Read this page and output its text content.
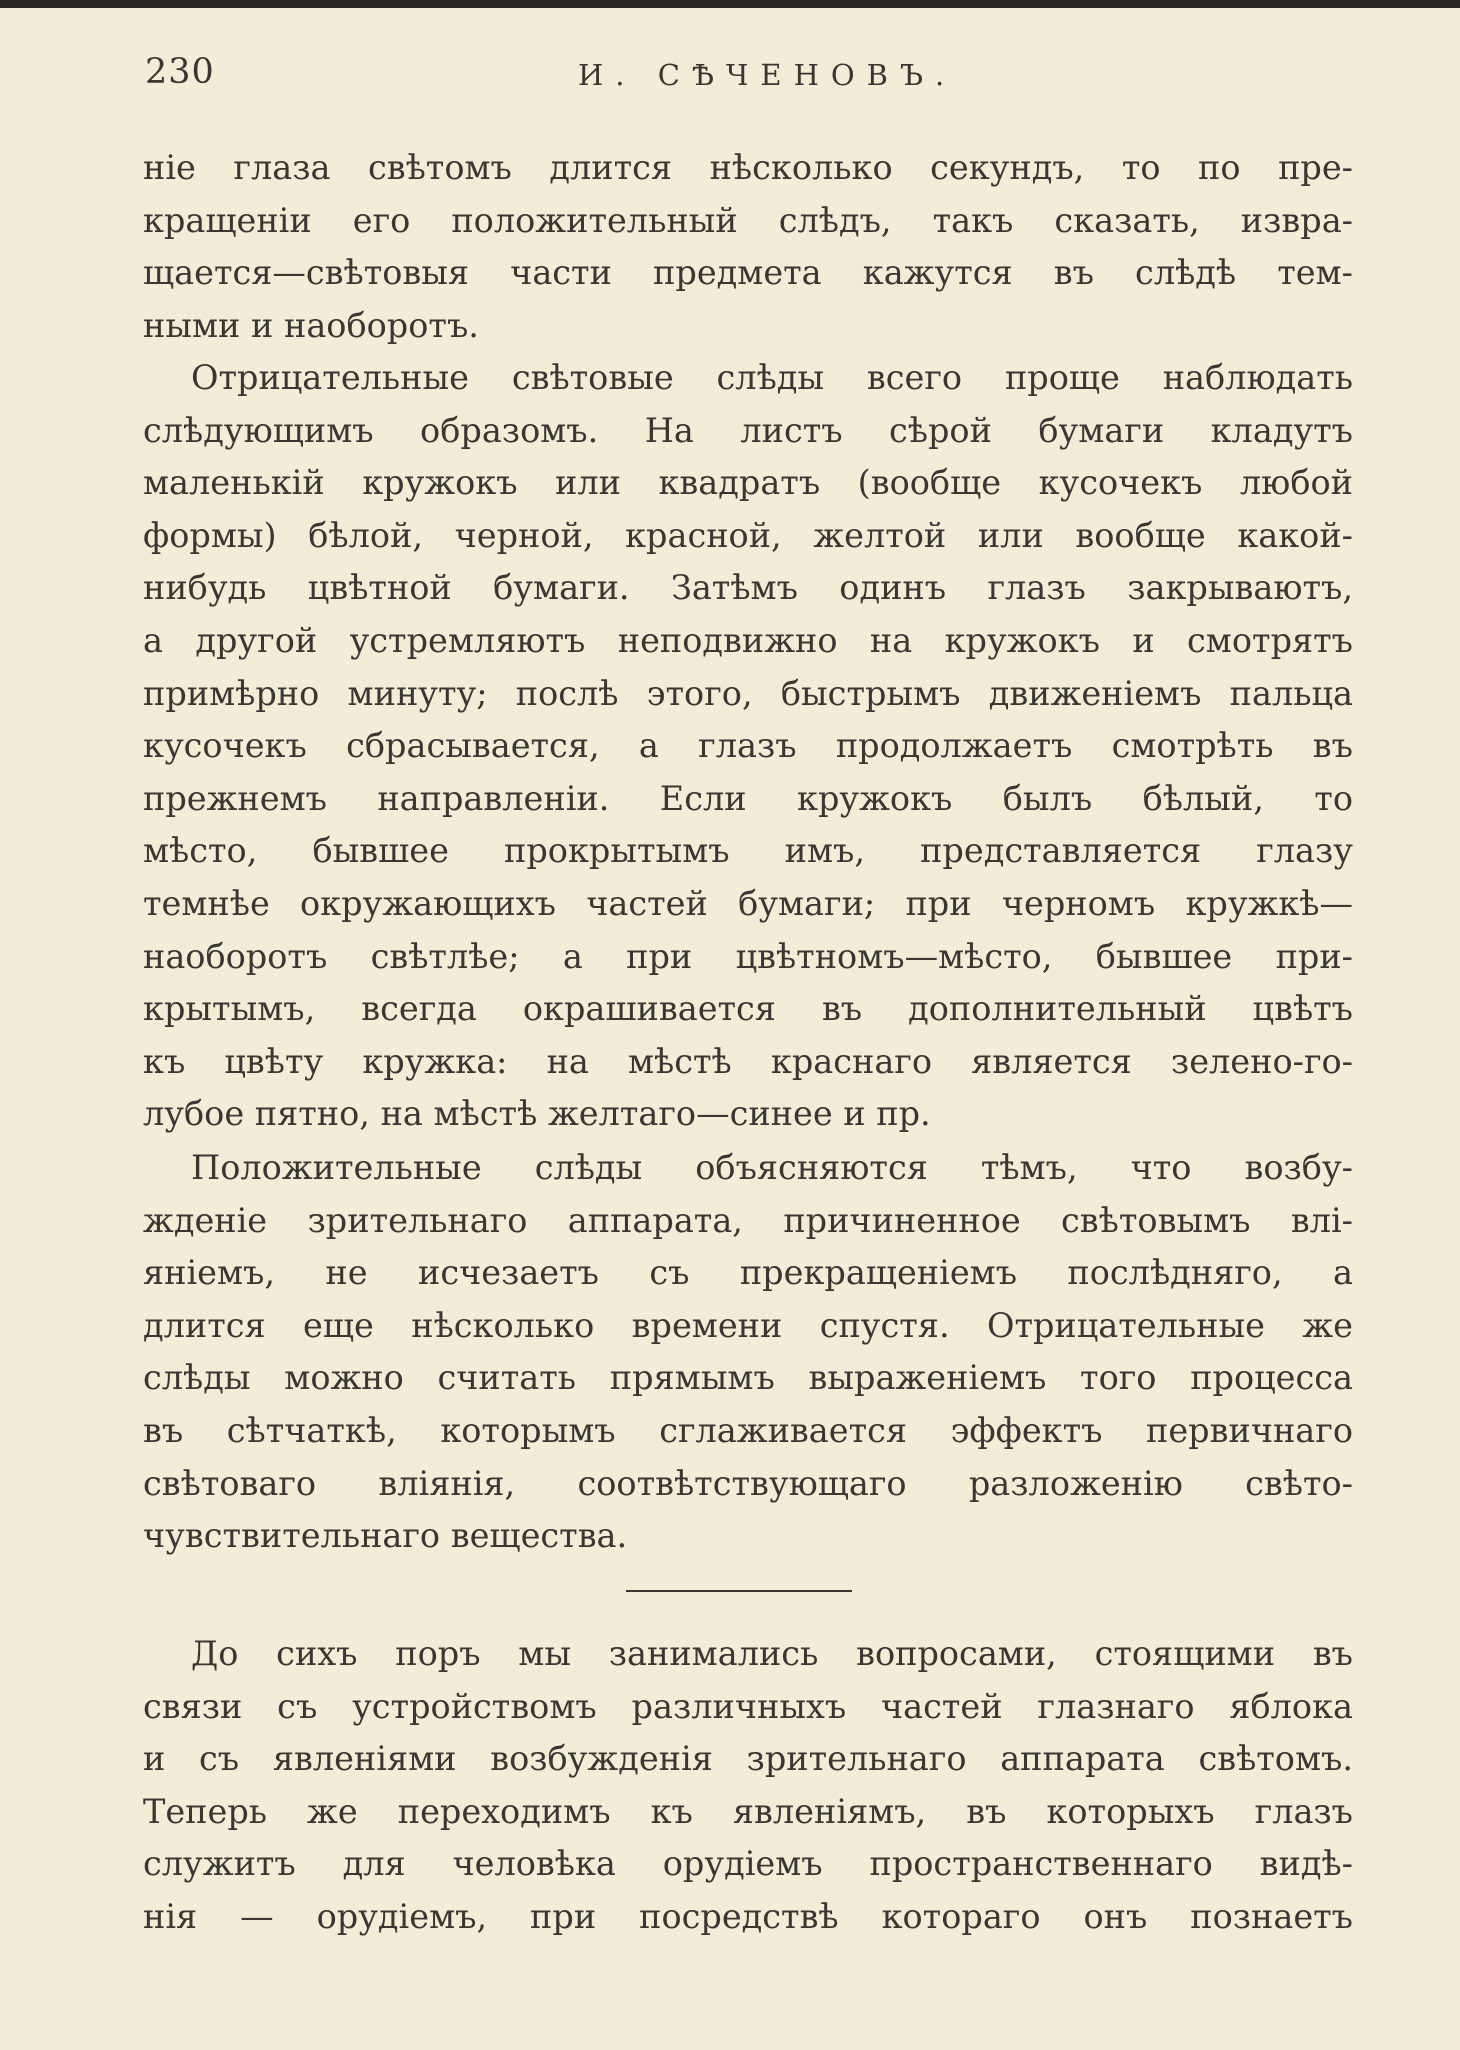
230	И. СѢЧЕНОВЪ.
ніе глаза свѣтомъ длится нѣсколько секундъ, то по пре-
кращеніи его положительный слѣдъ, такъ сказать, извра-
щается—свѣтовыя части предмета кажутся въ слѣдѣ тем-
ными и наоборотъ.
Отрицательные свѣтовые слѣды всего проще наблюдать
слѣдующимъ образомъ. На листъ сѣрой бумаги кладутъ
маленькій кружокъ или квадратъ (вообще кусочекъ любой
формы) бѣлой, черной, красной, желтой или вообще какой-
нибудь цвѣтной бумаги. Затѣмъ одинъ глазъ закрываютъ,
а другой устремляютъ неподвижно на кружокъ и смотрятъ
примѣрно минуту; послѣ этого, быстрымъ движеніемъ пальца
кусочекъ сбрасывается, а глазъ продолжаетъ смотрѣть въ
прежнемъ направленіи. Если кружокъ былъ бѣлый, то
мѣсто, бывшее прокрытымъ имъ, представляется глазу
темнѣе окружающихъ частей бумаги; при черномъ кружкѣ—
наоборотъ свѣтлѣе; а при цвѣтномъ—мѣсто, бывшее при-
крытымъ, всегда окрашивается въ дополнительный цвѣтъ
къ цвѣту кружка: на мѣстѣ краснаго является зелено-го-
лубое пятно, на мѣстѣ желтаго—синее и пр.
Положительные слѣды объясняются тѣмъ, что возбу-
жденіе зрительнаго аппарата, причиненное свѣтовымъ влі-
яніемъ, не исчезаетъ съ прекращеніемъ послѣдняго, а
длится еще нѣсколько времени спустя. Отрицательные же
слѣды можно считать прямымъ выраженіемъ того процесса
въ сѣтчаткѣ, которымъ сглаживается эффектъ первичнаго
свѣтоваго вліянія, соотвѣтствующаго разложенію свѣто-
чувствительнаго вещества.
До сихъ поръ мы занимались вопросами, стоящими въ
связи съ устройствомъ различныхъ частей глазнаго яблока
и съ явленіями возбужденія зрительнаго аппарата свѣтомъ.
Теперь же переходимъ къ явленіямъ, въ которыхъ глазъ
служитъ для человѣка орудіемъ пространственнаго видѣ-
нія — орудіемъ, при посредствѣ котораго онъ познаетъ
